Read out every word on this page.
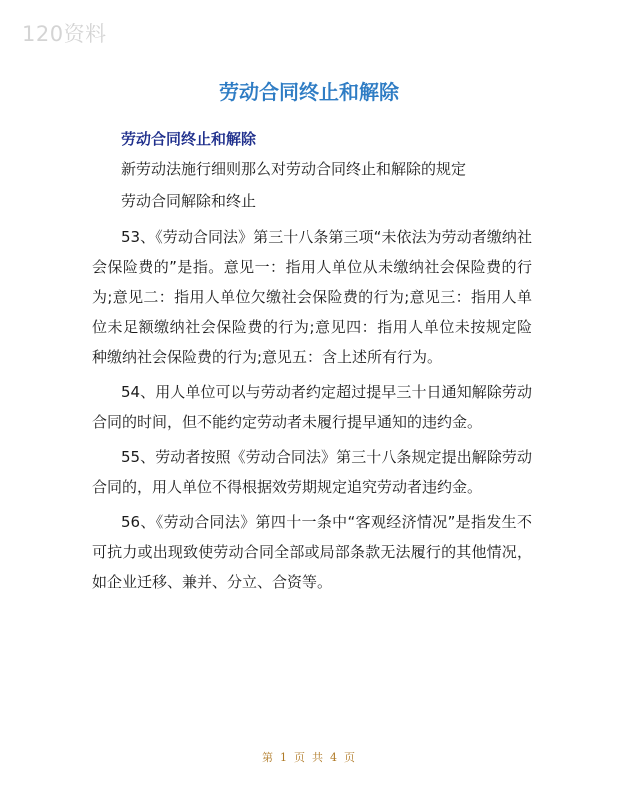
120资料
劳动合同终止和解除
劳动合同终止和解除
新劳动法施行细则那么对劳动合同终止和解除的规定
劳动合同解除和终止
53、《劳动合同法》第三十八条第三项“未依法为劳动者缴纳社会保险费的”是指。意见一：指用人单位从未缴纳社会保险费的行为;意见二：指用人单位欠缴社会保险费的行为;意见三：指用人单位未足额缴纳社会保险费的行为;意见四：指用人单位未按规定险种缴纳社会保险费的行为;意见五：含上述所有行为。
54、用人单位可以与劳动者约定超过提早三十日通知解除劳动合同的时间，但不能约定劳动者未履行提早通知的违约金。
55、劳动者按照《劳动合同法》第三十八条规定提出解除劳动合同的，用人单位不得根据效劳期规定追究劳动者违约金。
56、《劳动合同法》第四十一条中“客观经济情况”是指发生不可抗力或出现致使劳动合同全部或局部条款无法履行的其他情况，如企业迁移、兼并、分立、合资等。
第 1 页 共 4 页
